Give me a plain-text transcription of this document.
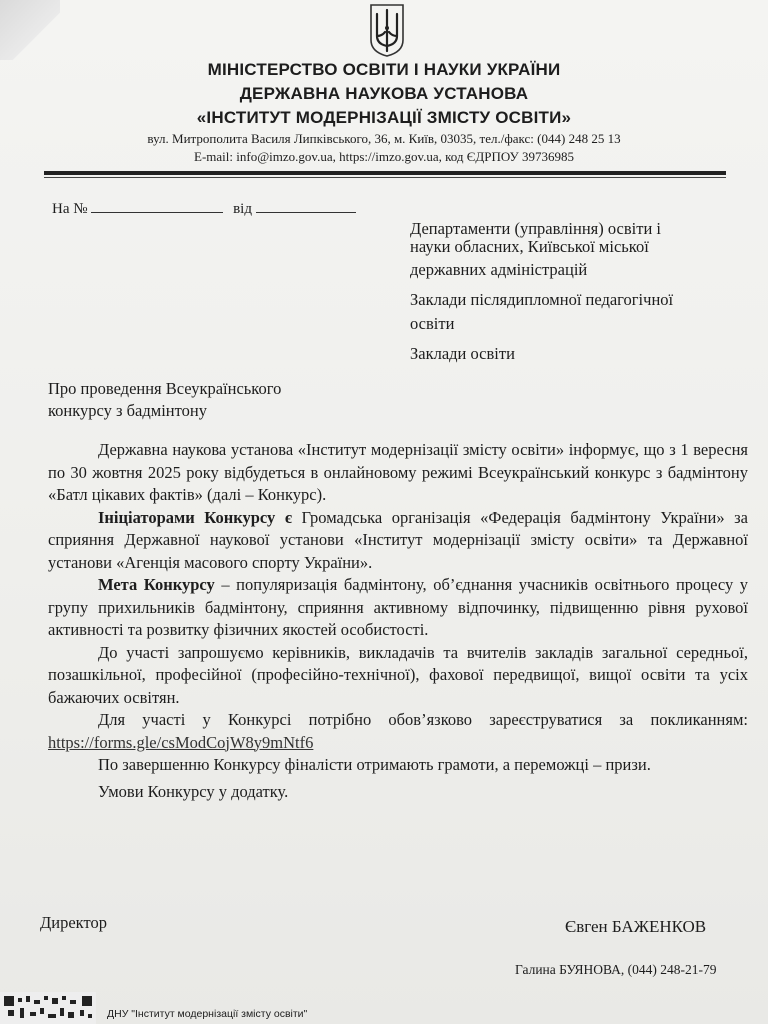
МІНІСТЕРСТВО ОСВІТИ І НАУКИ УКРАЇНИ
ДЕРЖАВНА НАУКОВА УСТАНОВА
«ІНСТИТУТ МОДЕРНІЗАЦІЇ ЗМІСТУ ОСВІТИ»
вул. Митрополита Василя Липківського, 36, м. Київ, 03035, тел./факс: (044) 248 25 13
E-mail: info@imzo.gov.ua, https://imzo.gov.ua, код ЄДРПОУ 39736985
На №	від
Департаменти (управління) освіти і
науки обласних, Київської міської
державних адміністрацій
Заклади післядипломної педагогічної
освіти
Заклади освіти
Про проведення Всеукраїнського
конкурсу з бадмінтону

Державна наукова установа «Інститут модернізації змісту освіти» інформує, що з 1 вересня по 30 жовтня 2025 року відбудеться в онлайновому режимі Всеукраїнський конкурс з бадмінтону «Батл цікавих фактів» (далі – Конкурс).

Ініціаторами Конкурсу є Громадська організація «Федерація бадмінтону України» за сприяння Державної наукової установи «Інститут модернізації змісту освіти» та Державної установи «Агенція масового спорту України».

Мета Конкурсу – популяризація бадмінтону, об’єднання учасників освітнього процесу у групу прихильників бадмінтону, сприяння активному відпочинку, підвищенню рівня рухової активності та розвитку фізичних якостей особистості.

До участі запрошуємо керівників, викладачів та вчителів закладів загальної середньої, позашкільної, професійної (професійно-технічної), фахової передвищої, вищої освіти та усіх бажаючих освітян.

Для участі у Конкурсі потрібно обов’язково зареєструватися за покликанням: https://forms.gle/csModCojW8y9mNtf6

По завершенню Конкурсу фіналісти отримають грамоти, а переможці – призи.

Умови Конкурсу у додатку.

Директор	Євген БАЖЕНКОВ
Галина БУЯНОВА, (044) 248-21-79
ДНУ "Інститут модернізації змісту освіти"
